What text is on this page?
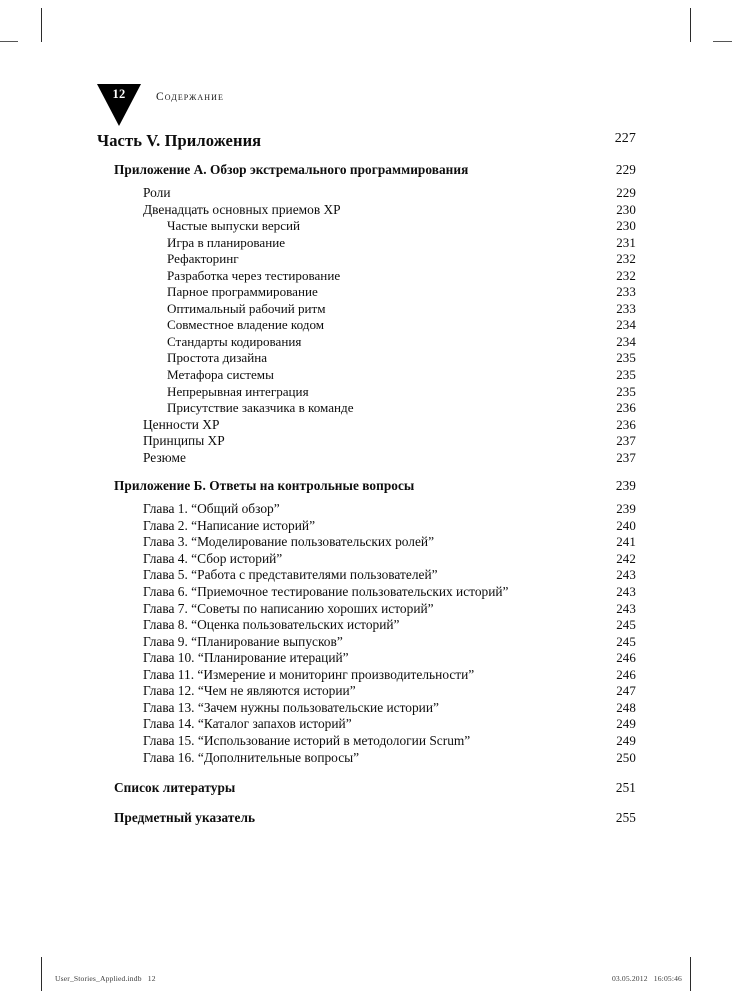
12	содержание
Часть V. Приложения	227
Приложение А. Обзор экстремального программирования	229
Роли	229
Двенадцать основных приемов XP	230
Частые выпуски версий	230
Игра в планирование	231
Рефакторинг	232
Разработка через тестирование	232
Парное программирование	233
Оптимальный рабочий ритм	233
Совместное владение кодом	234
Стандарты кодирования	234
Простота дизайна	235
Метафора системы	235
Непрерывная интеграция	235
Присутствие заказчика в команде	236
Ценности XP	236
Принципы XP	237
Резюме	237
Приложение Б. Ответы на контрольные вопросы	239
Глава 1. “Общий обзор”	239
Глава 2. “Написание историй”	240
Глава 3. “Моделирование пользовательских ролей”	241
Глава 4. “Сбор историй”	242
Глава 5. “Работа с представителями пользователей”	243
Глава 6. “Приемочное тестирование пользовательских историй”	243
Глава 7. “Советы по написанию хороших историй”	243
Глава 8. “Оценка пользовательских историй”	245
Глава 9. “Планирование выпусков”	245
Глава 10. “Планирование итераций”	246
Глава 11. “Измерение и мониторинг производительности”	246
Глава 12. “Чем не являются истории”	247
Глава 13. “Зачем нужны пользовательские истории”	248
Глава 14. “Каталог запахов историй”	249
Глава 15. “Использование историй в методологии Scrum”	249
Глава 16. “Дополнительные вопросы”	250
Список литературы	251
Предметный указатель	255
User_Stories_Applied.indb   12	03.05.2012   16:05:46
